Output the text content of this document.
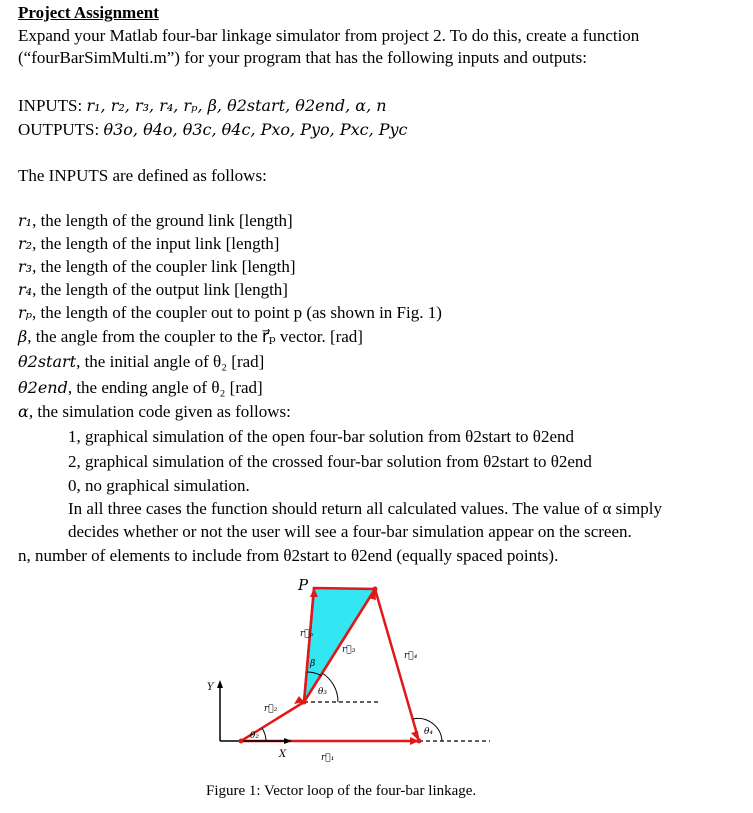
Project Assignment
Expand your Matlab four-bar linkage simulator from project 2. To do this, create a function
(“fourBarSimMulti.m”) for your program that has the following inputs and outputs:
INPUTS: r₁, r₂, r₃, r₄, rₚ, β, θ2start, θ2end, α, n
OUTPUTS: θ3o, θ4o, θ3c, θ4c, Pxo, Pyo, Pxc, Pyc
The INPUTS are defined as follows:
r₁, the length of the ground link [length]
r₂, the length of the input link [length]
r₃, the length of the coupler link [length]
r₄, the length of the output link [length]
rₚ, the length of the coupler out to point p (as shown in Fig. 1)
β, the angle from the coupler to the r⃗ₚ vector. [rad]
θ2start, the initial angle of θ₂ [rad]
θ2end, the ending angle of θ₂ [rad]
α, the simulation code given as follows:
1, graphical simulation of the open four-bar solution from θ2start to θ2end
2, graphical simulation of the crossed four-bar solution from θ2start to θ2end
0, no graphical simulation.
In all three cases the function should return all calculated values. The value of α simply
decides whether or not the user will see a four-bar simulation appear on the screen.
n, number of elements to include from θ2start to θ2end (equally spaced points).
P
r⃗ₚ
r⃗₃
r⃗₄
r⃗₂
r⃗₁
β
θ₃
θ₄
θ₂
Y
X
Figure 1: Vector loop of the four-bar linkage.
